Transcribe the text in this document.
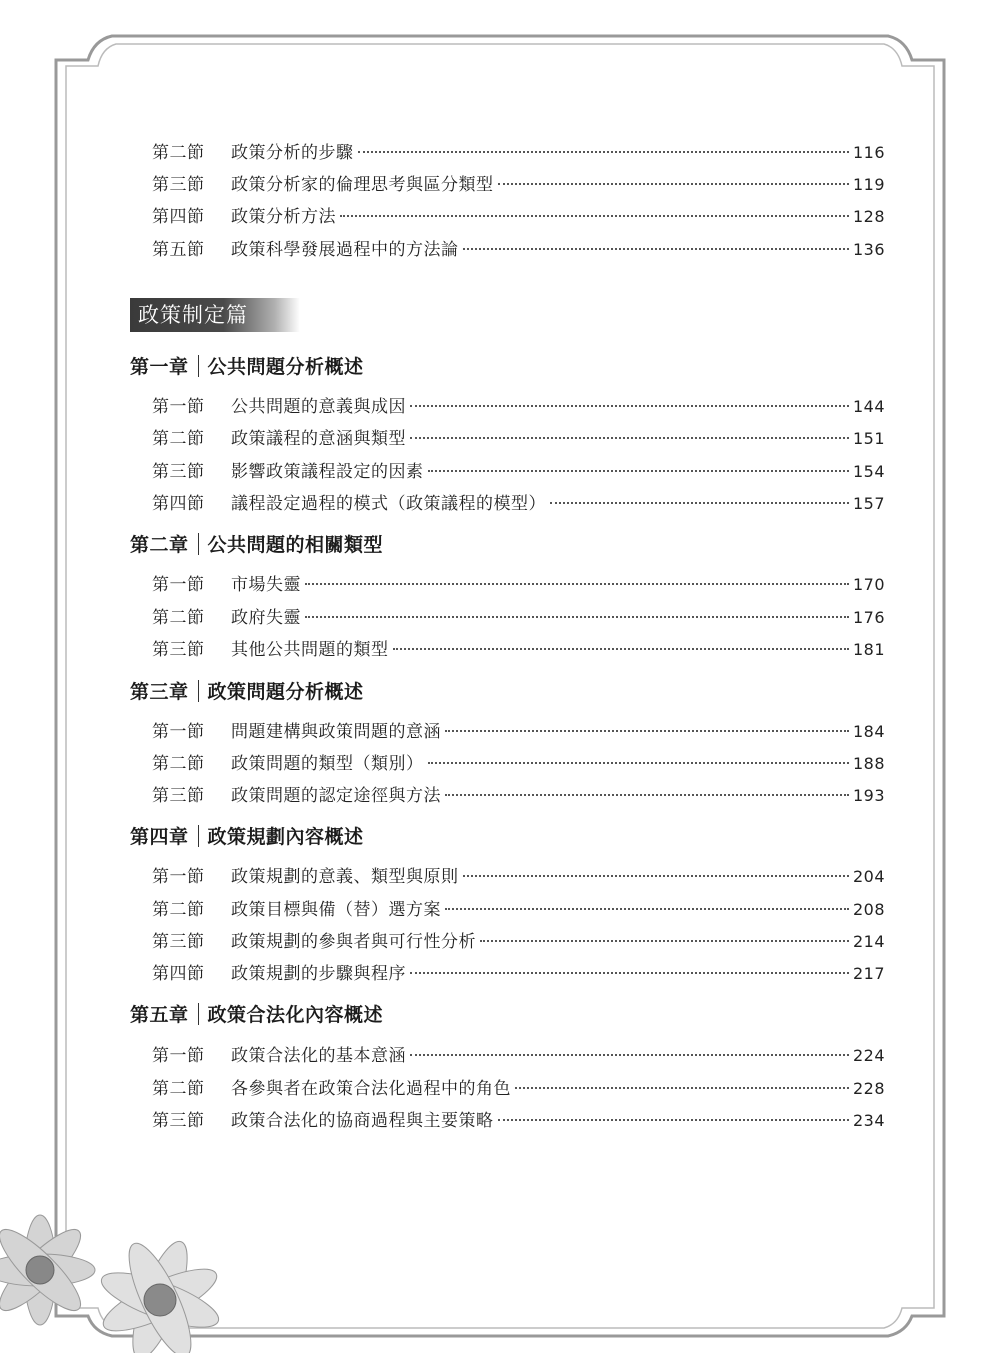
第二節	政策分析的步驟	116
第三節	政策分析家的倫理思考與區分類型	119
第四節	政策分析方法	128
第五節	政策科學發展過程中的方法論	136
政策制定篇
第一章 公共問題分析概述
第一節	公共問題的意義與成因	144
第二節	政策議程的意涵與類型	151
第三節	影響政策議程設定的因素	154
第四節	議程設定過程的模式（政策議程的模型）	157
第二章 公共問題的相關類型
第一節	市場失靈	170
第二節	政府失靈	176
第三節	其他公共問題的類型	181
第三章 政策問題分析概述
第一節	問題建構與政策問題的意涵	184
第二節	政策問題的類型（類別）	188
第三節	政策問題的認定途徑與方法	193
第四章 政策規劃內容概述
第一節	政策規劃的意義、類型與原則	204
第二節	政策目標與備（替）選方案	208
第三節	政策規劃的參與者與可行性分析	214
第四節	政策規劃的步驟與程序	217
第五章 政策合法化內容概述
第一節	政策合法化的基本意涵	224
第二節	各參與者在政策合法化過程中的角色	228
第三節	政策合法化的協商過程與主要策略	234
